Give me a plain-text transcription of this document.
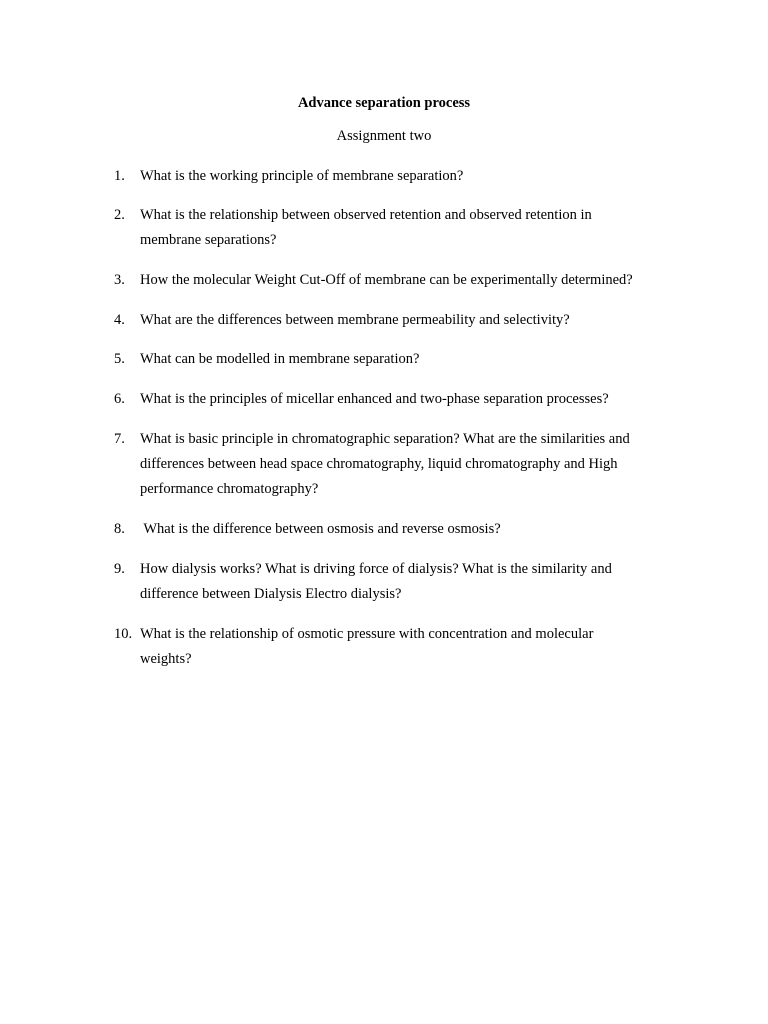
Advance separation process

Assignment two

1. What is the working principle of membrane separation?
2. What is the relationship between observed retention and observed retention in
membrane separations?
3. How the molecular Weight Cut-Off of membrane can be experimentally determined?
4. What are the differences between membrane permeability and selectivity?
5. What can be modelled in membrane separation?
6. What is the principles of micellar enhanced and two-phase separation processes?
7. What is basic principle in chromatographic separation? What are the similarities and
differences between head space chromatography, liquid chromatography and High
performance chromatography?
8. What is the difference between osmosis and reverse osmosis?
9. How dialysis works? What is driving force of dialysis? What is the similarity and
difference between Dialysis Electro dialysis?
10. What is the relationship of osmotic pressure with concentration and molecular
weights?
